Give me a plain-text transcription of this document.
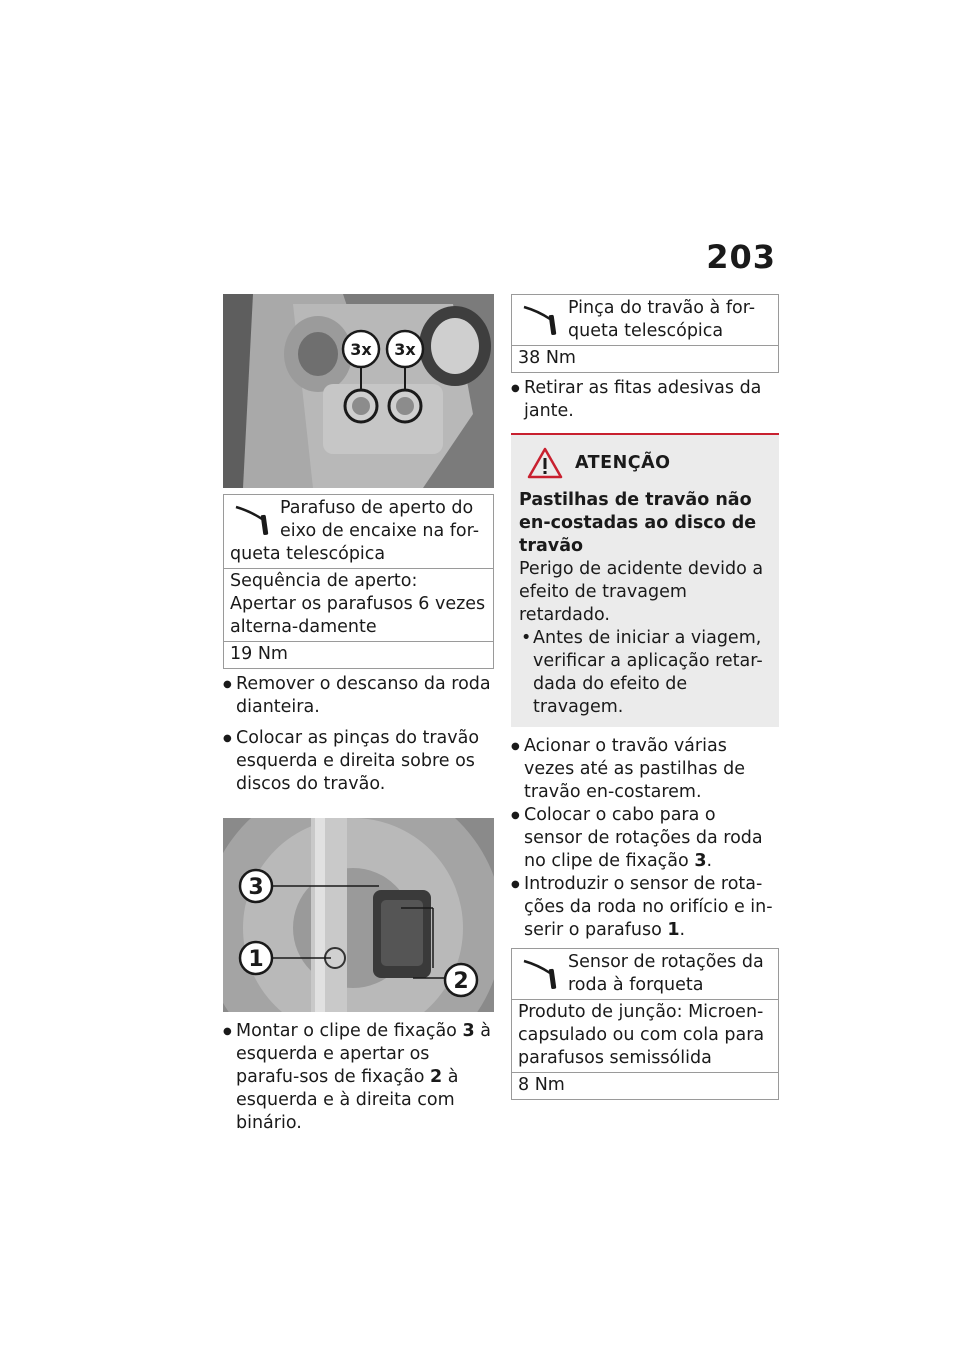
203
3x 3x
Parafuso de aperto do
eixo de encaixe na for-
queta telescópica
Sequência de aperto: Apertar os parafusos 6 vezes alterna-damente
19 Nm
● Remover o descanso da roda dianteira.
● Colocar as pinças do travão esquerda e direita sobre os discos do travão.
3
1
2
● Montar o clipe de fixação 3 à esquerda e apertar os parafu-sos de fixação 2 à esquerda e à direita com binário.
Pinça do travão à for-
queta telescópica
38 Nm
● Retirar as fitas adesivas da jante.
ATENÇÃO
Pastilhas de travão não en-costadas ao disco de travão
Perigo de acidente devido a efeito de travagem retardado.
• Antes de iniciar a viagem, verificar a aplicação retar-dada do efeito de travagem.
● Acionar o travão várias vezes até as pastilhas de travão en-costarem.
● Colocar o cabo para o sensor de rotações da roda no clipe de fixação 3.
● Introduzir o sensor de rota-ções da roda no orifício e in-serir o parafuso 1.
Sensor de rotações da
roda à forqueta
Produto de junção: Microen-capsulado ou com cola para parafusos semissólida
8 Nm
